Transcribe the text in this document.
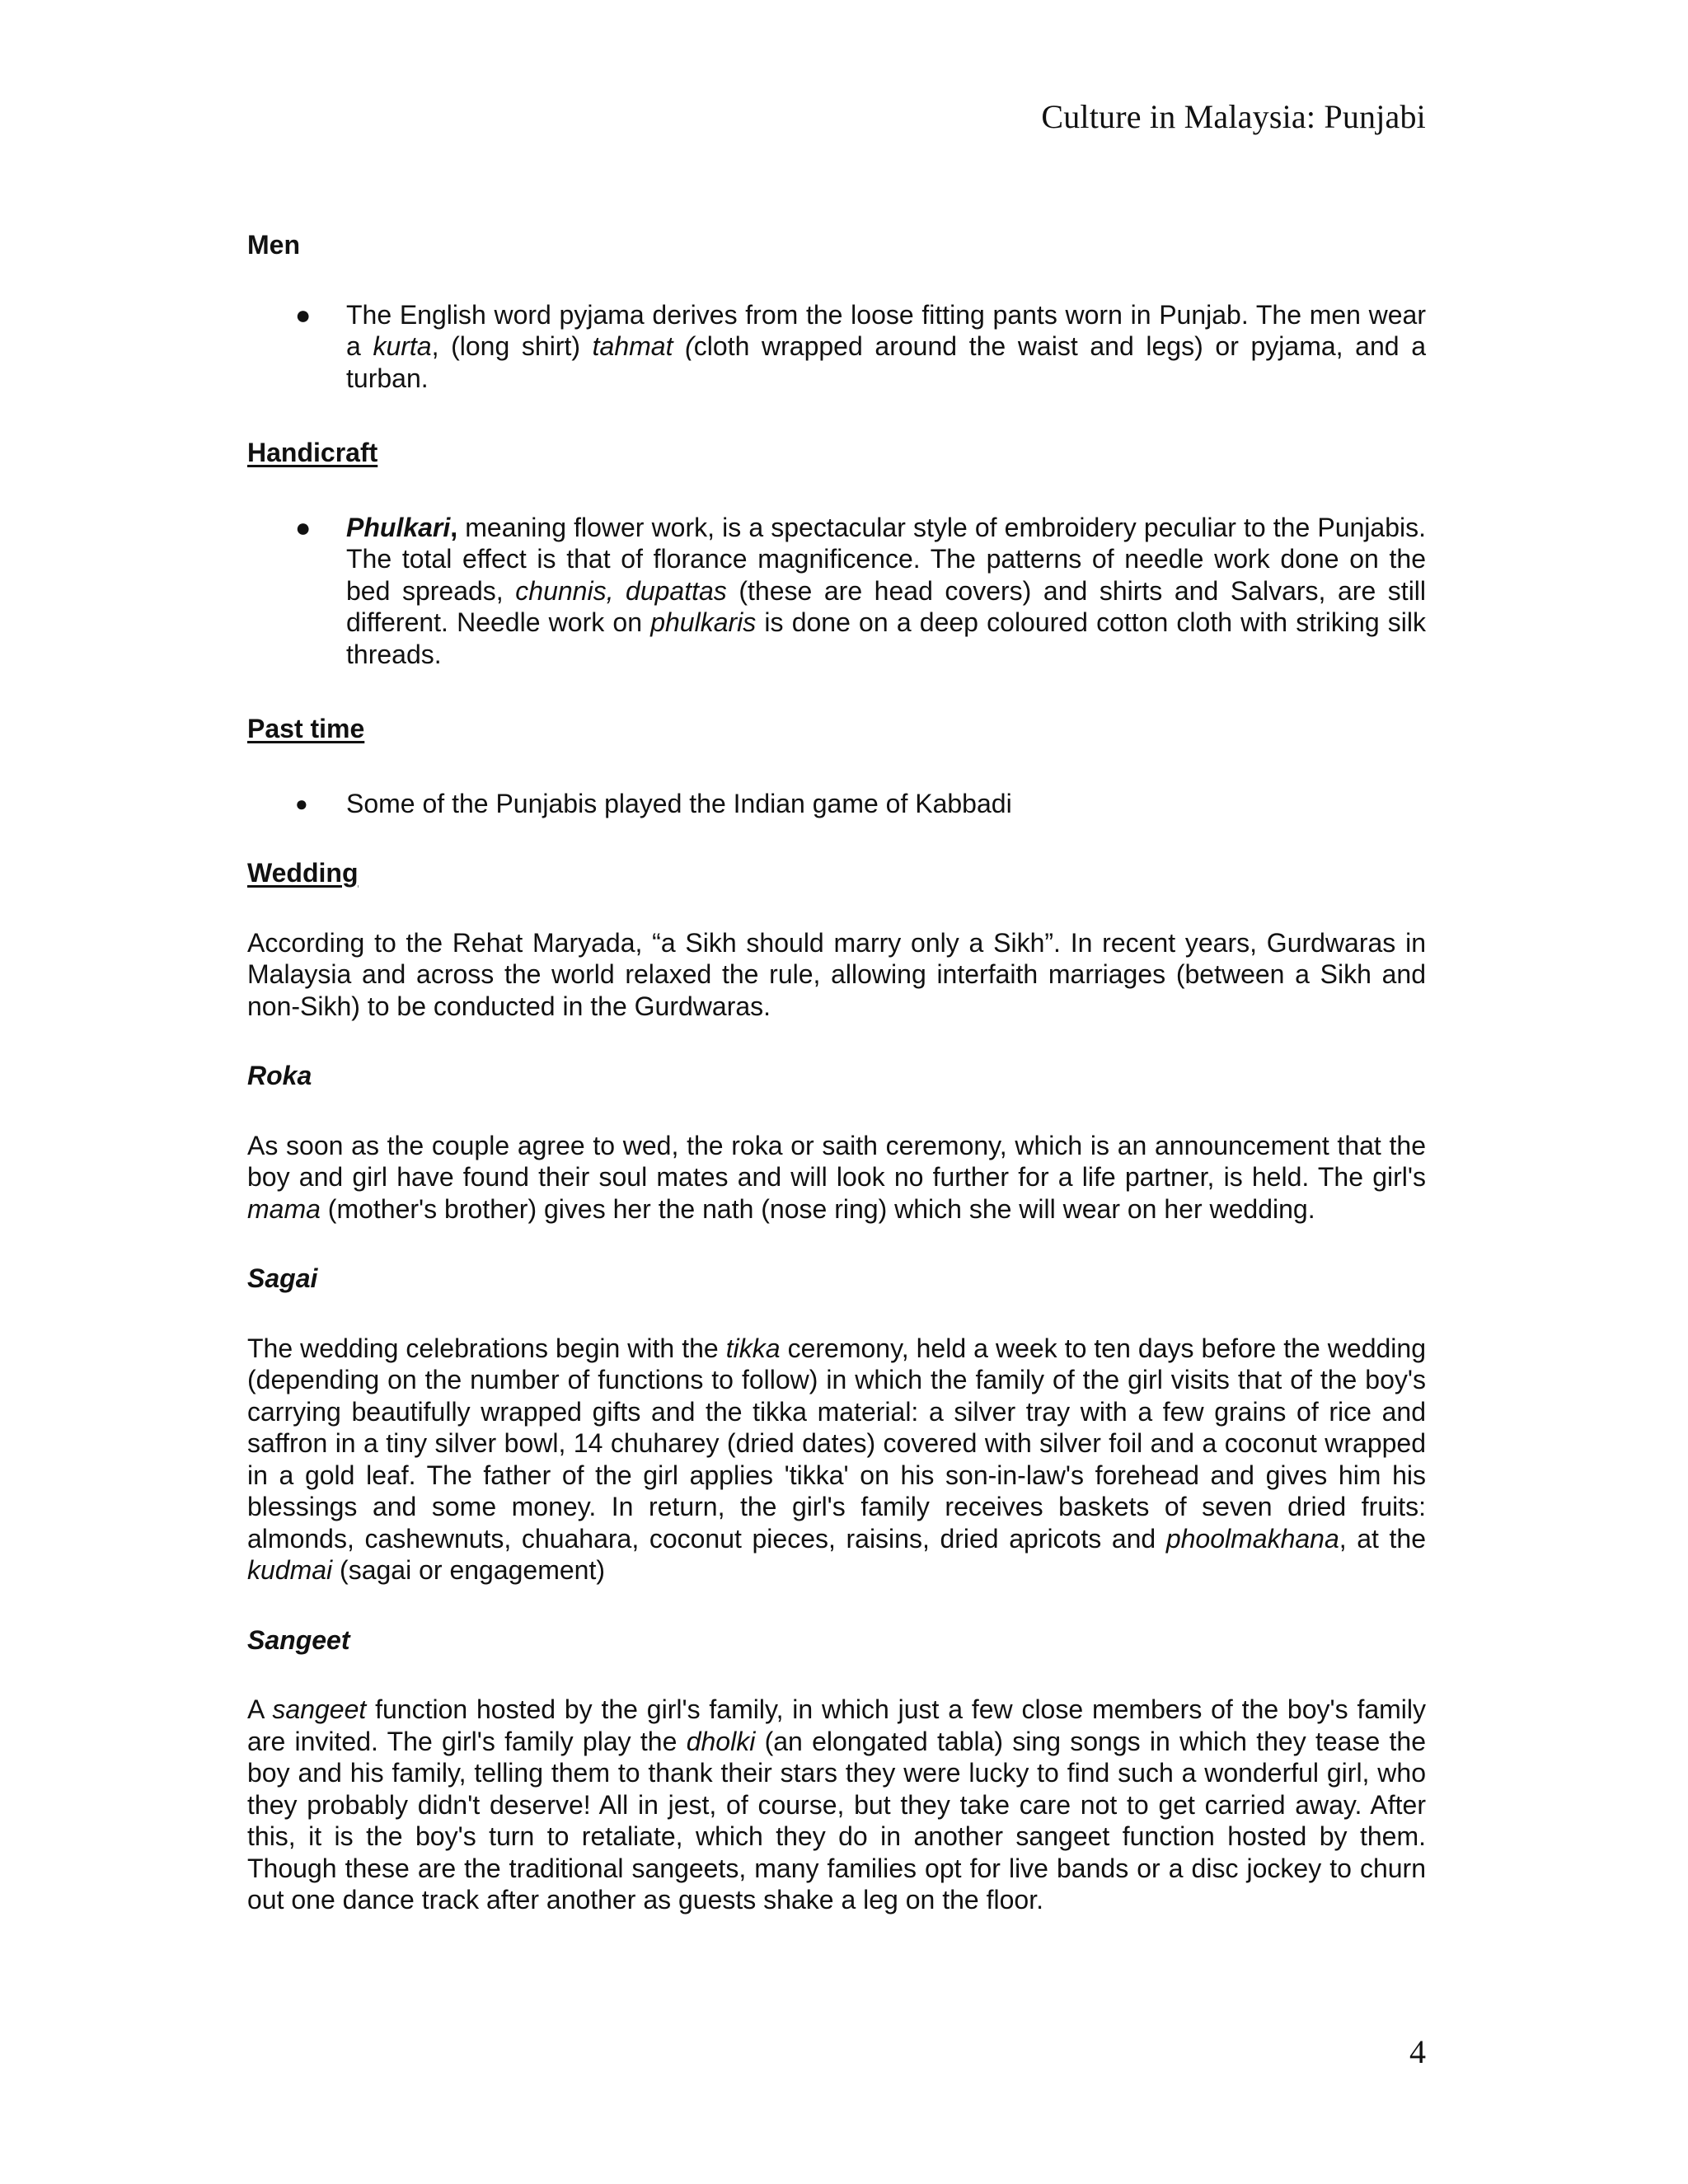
Culture in Malaysia: Punjabi
Men
● The English word pyjama derives from the loose fitting pants worn in Punjab. The men wear a kurta, (long shirt) tahmat (cloth wrapped around the waist and legs) or pyjama, and a turban.
Handicraft
● Phulkari, meaning flower work, is a spectacular style of embroidery peculiar to the Punjabis. The total effect is that of florance magnificence. The patterns of needle work done on the bed spreads, chunnis, dupattas (these are head covers) and shirts and Salvars, are still different. Needle work on phulkaris is done on a deep coloured cotton cloth with striking silk threads.
Past time
● Some of the Punjabis played the Indian game of Kabbadi
Wedding

According to the Rehat Maryada, “a Sikh should marry only a Sikh”. In recent years, Gurdwaras in Malaysia and across the world relaxed the rule, allowing interfaith marriages (between a Sikh and non-Sikh) to be conducted in the Gurdwaras.

Roka

As soon as the couple agree to wed, the roka or saith ceremony, which is an announcement that the boy and girl have found their soul mates and will look no further for a life partner, is held. The girl's mama (mother's brother) gives her the nath (nose ring) which she will wear on her wedding.

Sagai

The wedding celebrations begin with the tikka ceremony, held a week to ten days before the wedding (depending on the number of functions to follow) in which the family of the girl visits that of the boy's carrying beautifully wrapped gifts and the tikka material: a silver tray with a few grains of rice and saffron in a tiny silver bowl, 14 chuharey (dried dates) covered with silver foil and a coconut wrapped in a gold leaf. The father of the girl applies 'tikka' on his son-in-law's forehead and gives him his blessings and some money. In return, the girl's family receives baskets of seven dried fruits: almonds, cashewnuts, chuahara, coconut pieces, raisins, dried apricots and phoolmakhana, at the kudmai (sagai or engagement)

Sangeet

A sangeet function hosted by the girl's family, in which just a few close members of the boy's family are invited. The girl's family play the dholki (an elongated tabla) sing songs in which they tease the boy and his family, telling them to thank their stars they were lucky to find such a wonderful girl, who they probably didn't deserve! All in jest, of course, but they take care not to get carried away. After this, it is the boy's turn to retaliate, which they do in another sangeet function hosted by them. Though these are the traditional sangeets, many families opt for live bands or a disc jockey to churn out one dance track after another as guests shake a leg on the floor.

4
